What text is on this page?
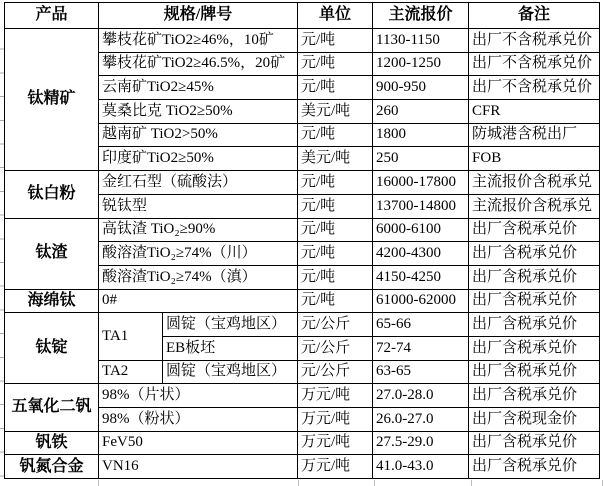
产品	规格/牌号		单位	主流报价	备注
钛精矿	攀枝花矿TiO2≥46%，10矿		元/吨	1130-1150	出厂不含税承兑价
	攀枝花矿TiO2≥46.5%，20矿		元/吨	1200-1250	出厂不含税承兑价
	云南矿TiO2≥45%		元/吨	900-950	出厂不含税承兑价
	莫桑比克 TiO2≥50%		美元/吨	260	CFR
	越南矿 TiO2>50%		元/吨	1800	防城港含税出厂
	印度矿TiO2≥50%		美元/吨	250	FOB
钛白粉	金红石型（硫酸法）		元/吨	16000-17800	主流报价含税承兑
	锐钛型		元/吨	13700-14800	主流报价含税承兑
钛渣	高钛渣 TiO₂≥90%		元/吨	6000-6100	出厂含税承兑价
	酸溶渣TiO₂≥74%（川）		元/吨	4200-4300	出厂含税承兑价
	酸溶渣TiO₂≥74%（滇）		元/吨	4150-4250	出厂含税承兑价
海绵钛	0#		元/吨	61000-62000	出厂含税承兑价
钛锭	TA1	圆锭（宝鸡地区）	元/公斤	65-66	出厂含税承兑价
		EB板坯	元/公斤	72-74	出厂含税承兑价
	TA2	圆锭（宝鸡地区）	元/公斤	63-65	出厂含税承兑价
五氧化二钒	98%（片状）		万元/吨	27.0-28.0	出厂含税承兑价
	98%（粉状）		万元/吨	26.0-27.0	出厂含税现金价
钒铁	FeV50		万元/吨	27.5-29.0	出厂含税承兑价
钒氮合金	VN16		万元/吨	41.0-43.0	出厂含税承兑价
